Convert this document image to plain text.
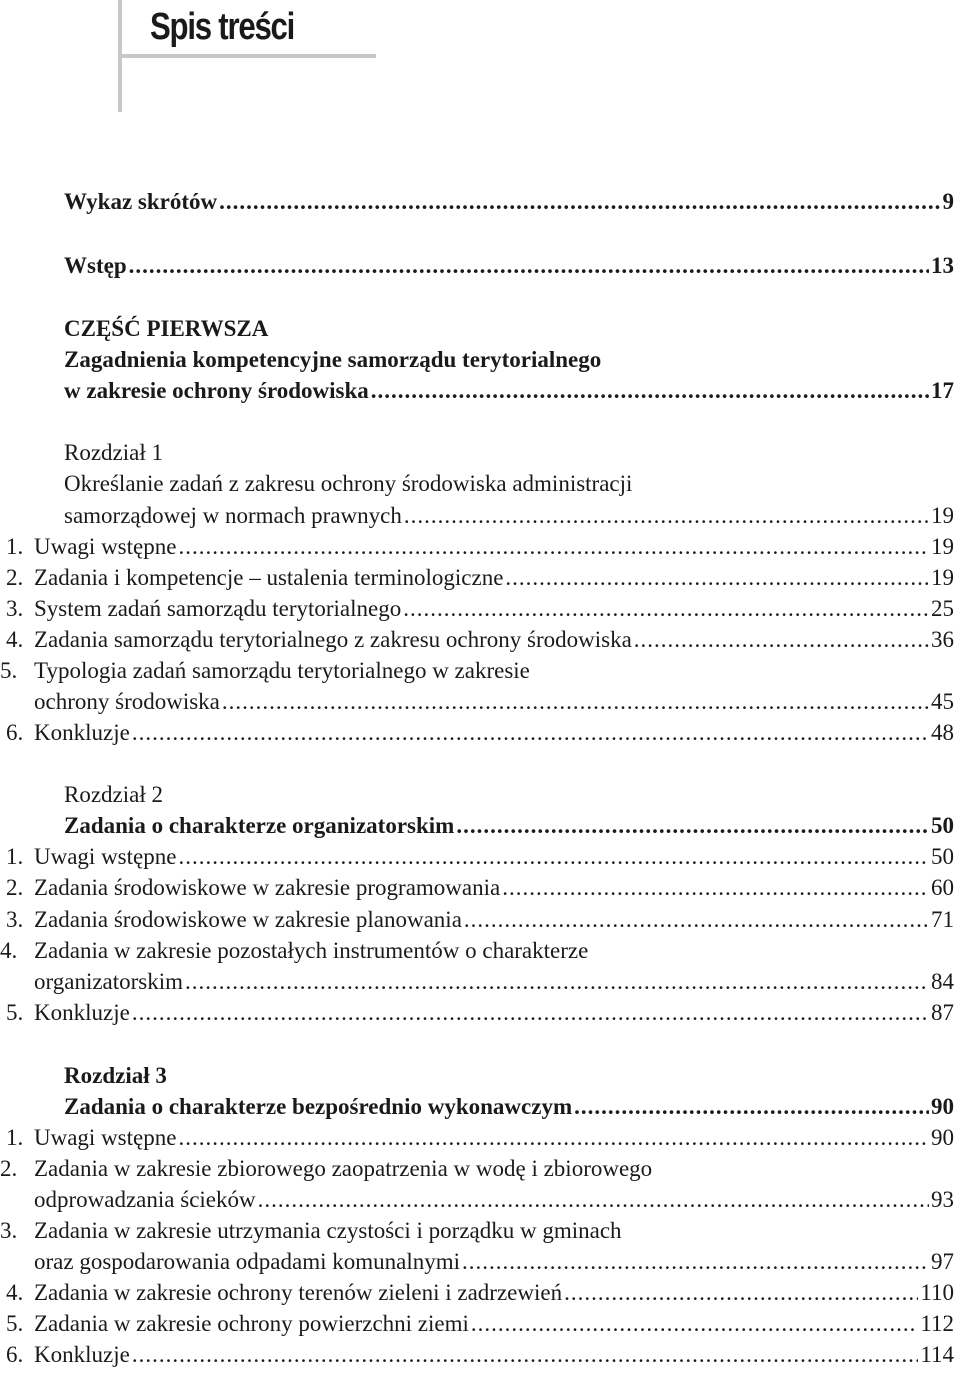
Spis treści
Wykaz skrótów .....	9
Wstęp .....	13
CZĘŚĆ PIERWSZA
Zagadnienia kompetencyjne samorządu terytorialnego
w zakresie ochrony środowiska .....	17
Rozdział 1
Określanie zadań z zakresu ochrony środowiska administracji
samorządowej w normach prawnych .....	19
1. Uwagi wstępne .....	19
2. Zadania i kompetencje – ustalenia terminologiczne .....	19
3. System zadań samorządu terytorialnego .....	25
4. Zadania samorządu terytorialnego z zakresu ochrony środowiska .....	36
5. Typologia zadań samorządu terytorialnego w zakresie
ochrony środowiska .....	45
6. Konkluzje .....	48
Rozdział 2
Zadania o charakterze organizatorskim .....	50
1. Uwagi wstępne .....	50
2. Zadania środowiskowe w zakresie programowania .....	60
3. Zadania środowiskowe w zakresie planowania .....	71
4. Zadania w zakresie pozostałych instrumentów o charakterze
organizatorskim .....	84
5. Konkluzje .....	87
Rozdział 3
Zadania o charakterze bezpośrednio wykonawczym .....	90
1. Uwagi wstępne .....	90
2. Zadania w zakresie zbiorowego zaopatrzenia w wodę i zbiorowego
odprowadzania ścieków .....	93
3. Zadania w zakresie utrzymania czystości i porządku w gminach
oraz gospodarowania odpadami komunalnymi .....	97
4. Zadania w zakresie ochrony terenów zieleni i zadrzewień .....	110
5. Zadania w zakresie ochrony powierzchni ziemi .....	112
6. Konkluzje .....	114
